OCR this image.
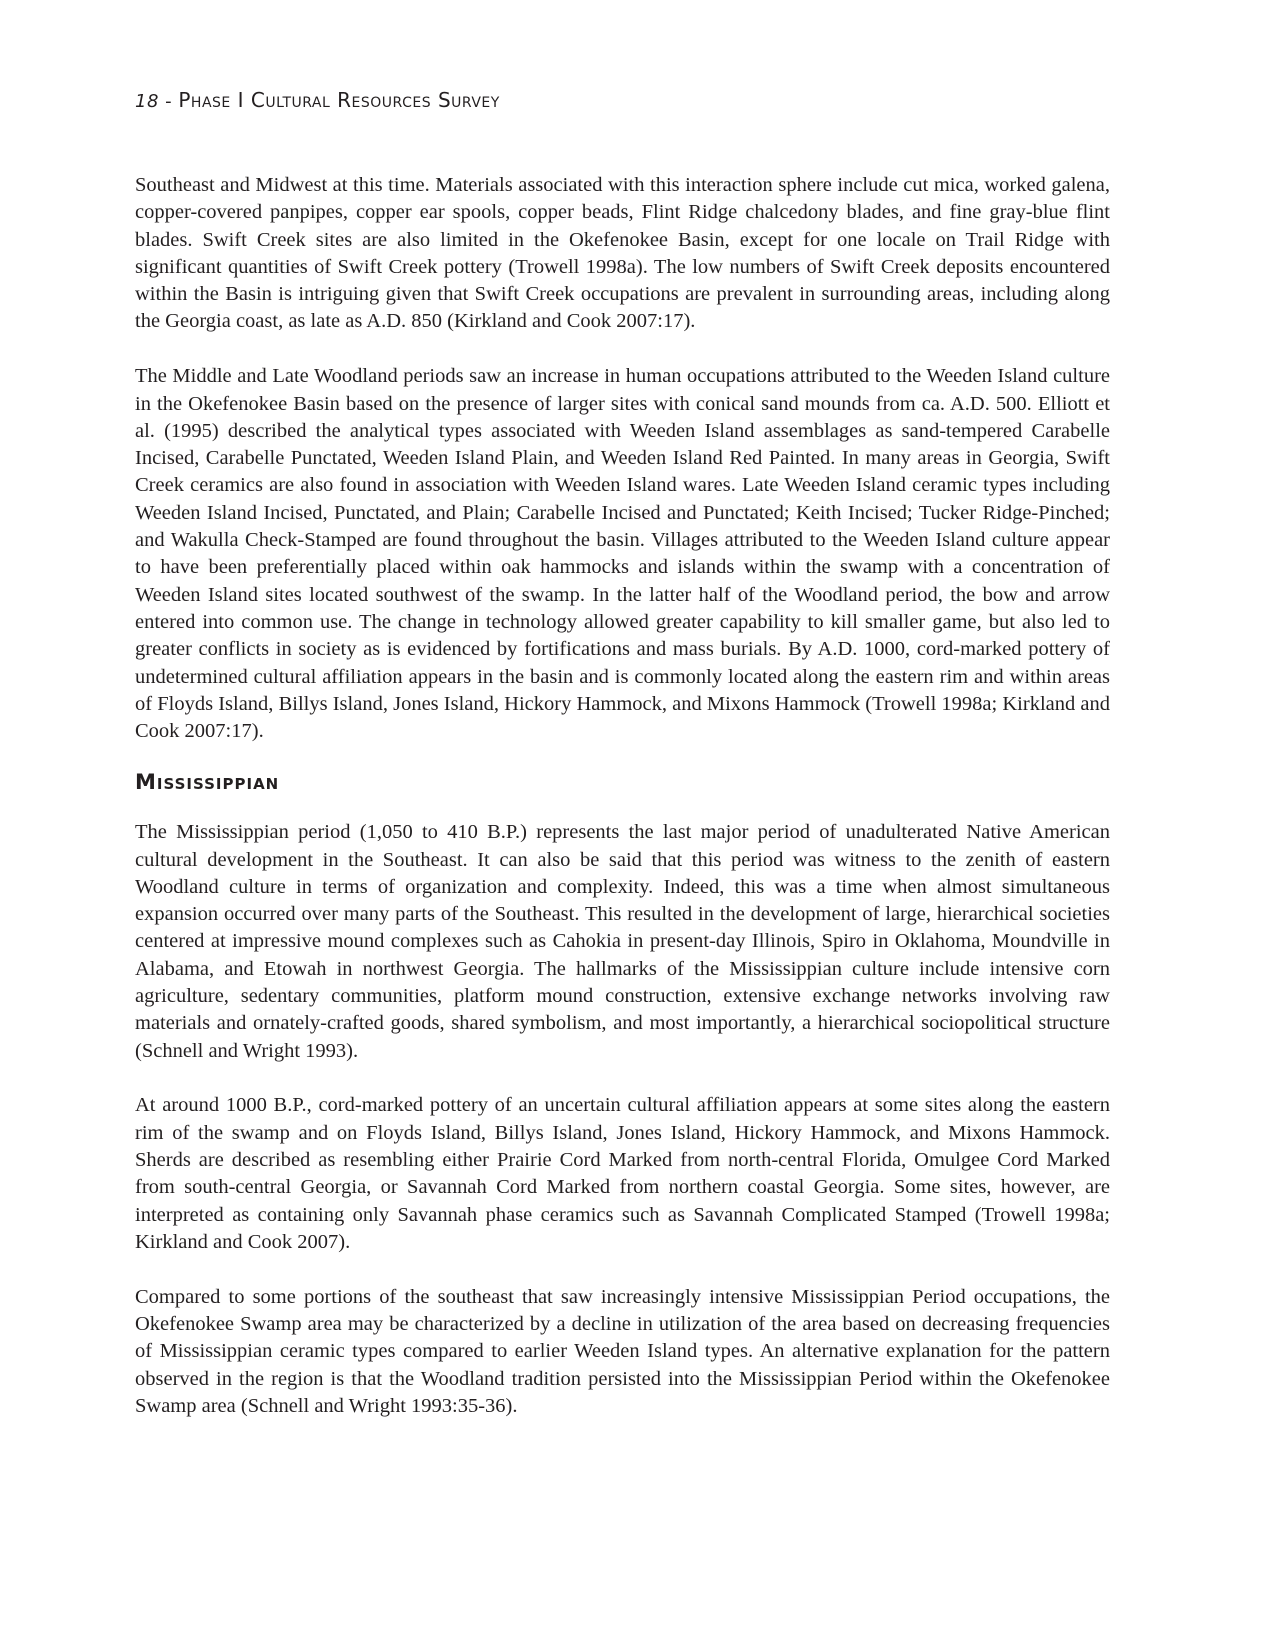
18 - Phase I Cultural Resources Survey

Southeast and Midwest at this time. Materials associated with this interaction sphere include cut mica, worked galena, copper-covered panpipes, copper ear spools, copper beads, Flint Ridge chalcedony blades, and fine gray-blue flint blades. Swift Creek sites are also limited in the Okefenokee Basin, except for one locale on Trail Ridge with significant quantities of Swift Creek pottery (Trowell 1998a). The low numbers of Swift Creek deposits encountered within the Basin is intriguing given that Swift Creek occupations are prevalent in surrounding areas, including along the Georgia coast, as late as A.D. 850 (Kirkland and Cook 2007:17).

The Middle and Late Woodland periods saw an increase in human occupations attributed to the Weeden Island culture in the Okefenokee Basin based on the presence of larger sites with conical sand mounds from ca. A.D. 500. Elliott et al. (1995) described the analytical types associated with Weeden Island assemblages as sand-tempered Carabelle Incised, Carabelle Punctated, Weeden Island Plain, and Weeden Island Red Painted. In many areas in Georgia, Swift Creek ceramics are also found in association with Weeden Island wares. Late Weeden Island ceramic types including Weeden Island Incised, Punctated, and Plain; Carabelle Incised and Punctated; Keith Incised; Tucker Ridge-Pinched; and Wakulla Check-Stamped are found throughout the basin. Villages attributed to the Weeden Island culture appear to have been preferentially placed within oak hammocks and islands within the swamp with a concentration of Weeden Island sites located southwest of the swamp. In the latter half of the Woodland period, the bow and arrow entered into common use. The change in technology allowed greater capability to kill smaller game, but also led to greater conflicts in society as is evidenced by fortifications and mass burials. By A.D. 1000, cord-marked pottery of undetermined cultural affiliation appears in the basin and is commonly located along the eastern rim and within areas of Floyds Island, Billys Island, Jones Island, Hickory Hammock, and Mixons Hammock (Trowell 1998a; Kirkland and Cook 2007:17).

Mississippian

The Mississippian period (1,050 to 410 B.P.) represents the last major period of unadulterated Native American cultural development in the Southeast. It can also be said that this period was witness to the zenith of eastern Woodland culture in terms of organization and complexity. Indeed, this was a time when almost simultaneous expansion occurred over many parts of the Southeast. This resulted in the development of large, hierarchical societies centered at impressive mound complexes such as Cahokia in present-day Illinois, Spiro in Oklahoma, Moundville in Alabama, and Etowah in northwest Georgia. The hallmarks of the Mississippian culture include intensive corn agriculture, sedentary communities, platform mound construction, extensive exchange networks involving raw materials and ornately-crafted goods, shared symbolism, and most importantly, a hierarchical sociopolitical structure (Schnell and Wright 1993).

At around 1000 B.P., cord-marked pottery of an uncertain cultural affiliation appears at some sites along the eastern rim of the swamp and on Floyds Island, Billys Island, Jones Island, Hickory Hammock, and Mixons Hammock. Sherds are described as resembling either Prairie Cord Marked from north-central Florida, Omulgee Cord Marked from south-central Georgia, or Savannah Cord Marked from northern coastal Georgia. Some sites, however, are interpreted as containing only Savannah phase ceramics such as Savannah Complicated Stamped (Trowell 1998a; Kirkland and Cook 2007).

Compared to some portions of the southeast that saw increasingly intensive Mississippian Period occupations, the Okefenokee Swamp area may be characterized by a decline in utilization of the area based on decreasing frequencies of Mississippian ceramic types compared to earlier Weeden Island types. An alternative explanation for the pattern observed in the region is that the Woodland tradition persisted into the Mississippian Period within the Okefenokee Swamp area (Schnell and Wright 1993:35-36).
